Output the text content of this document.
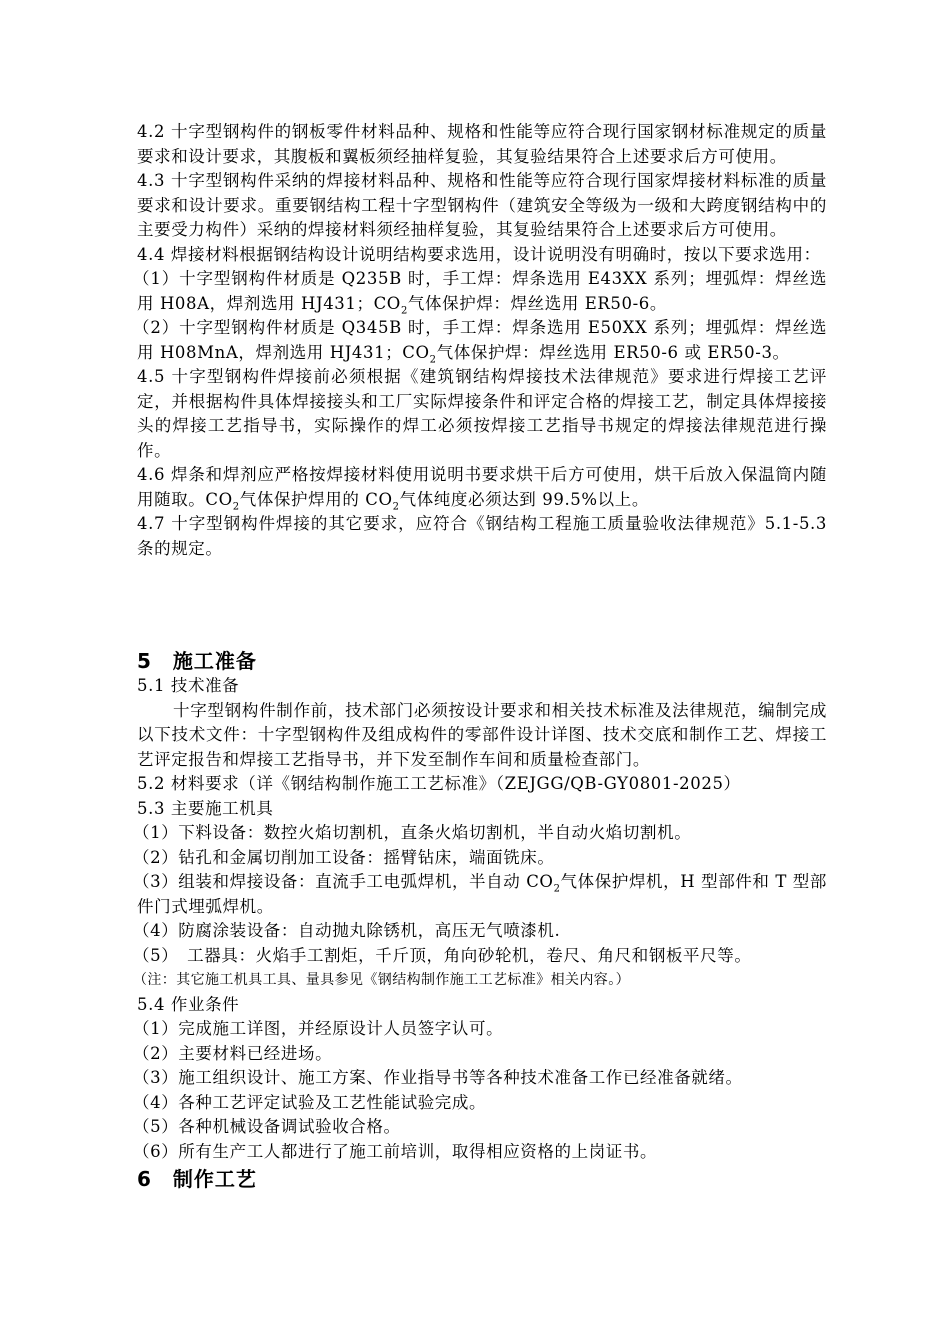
4.2 十字型钢构件的钢板零件材料品种、规格和性能等应符合现行国家钢材标准规定的质量要求和设计要求，其腹板和翼板须经抽样复验，其复验结果符合上述要求后方可使用。

4.3 十字型钢构件采纳的焊接材料品种、规格和性能等应符合现行国家焊接材料标准的质量要求和设计要求。重要钢结构工程十字型钢构件（建筑安全等级为一级和大跨度钢结构中的主要受力构件）采纳的焊接材料须经抽样复验，其复验结果符合上述要求后方可使用。

4.4 焊接材料根据钢结构设计说明结构要求选用，设计说明没有明确时，按以下要求选用：

（1）十字型钢构件材质是 Q235B 时，手工焊：焊条选用 E43XX 系列；埋弧焊：焊丝选用 H08A，焊剂选用 HJ431；$CO_2$气体保护焊：焊丝选用 ER50-6。

（2）十字型钢构件材质是 Q345B 时，手工焊：焊条选用 E50XX 系列；埋弧焊：焊丝选用 H08MnA，焊剂选用 HJ431；$CO_2$气体保护焊：焊丝选用 ER50-6 或 ER50-3。

4.5 十字型钢构件焊接前必须根据《建筑钢结构焊接技术法律规范》要求进行焊接工艺评定，并根据构件具体焊接接头和工厂实际焊接条件和评定合格的焊接工艺，制定具体焊接接头的焊接工艺指导书，实际操作的焊工必须按焊接工艺指导书规定的焊接法律规范进行操作。

4.6 焊条和焊剂应严格按焊接材料使用说明书要求烘干后方可使用，烘干后放入保温筒内随用随取。$CO_2$气体保护焊用的 $CO_2$气体纯度必须达到 99.5%以上。

4.7 十字型钢构件焊接的其它要求，应符合《钢结构工程施工质量验收法律规范》5.1-5.3 条的规定。

5　施工准备

5.1 技术准备

十字型钢构件制作前，技术部门必须按设计要求和相关技术标准及法律规范，编制完成以下技术文件：十字型钢构件及组成构件的零部件设计详图、技术交底和制作工艺、焊接工艺评定报告和焊接工艺指导书，并下发至制作车间和质量检查部门。

5.2 材料要求（详《钢结构制作施工工艺标准》（ZEJGG/QB-GY0801-2025）

5.3 主要施工机具

（1）下料设备：数控火焰切割机，直条火焰切割机，半自动火焰切割机。

（2）钻孔和金属切削加工设备：摇臂钻床，端面铣床。

（3）组装和焊接设备：直流手工电弧焊机，半自动 $CO_2$气体保护焊机，H 型部件和 T 型部件门式埋弧焊机。

（4）防腐涂装设备：自动抛丸除锈机，高压无气喷漆机.

（5）　工器具：火焰手工割炬，千斤顶，角向砂轮机，卷尺、角尺和钢板平尺等。

（注：其它施工机具工具、量具参见《钢结构制作施工工艺标准》相关内容。）

5.4 作业条件

（1）完成施工详图，并经原设计人员签字认可。

（2）主要材料已经进场。

（3）施工组织设计、施工方案、作业指导书等各种技术准备工作已经准备就绪。

（4）各种工艺评定试验及工艺性能试验完成。

（5）各种机械设备调试验收合格。

（6）所有生产工人都进行了施工前培训，取得相应资格的上岗证书。

6　制作工艺
